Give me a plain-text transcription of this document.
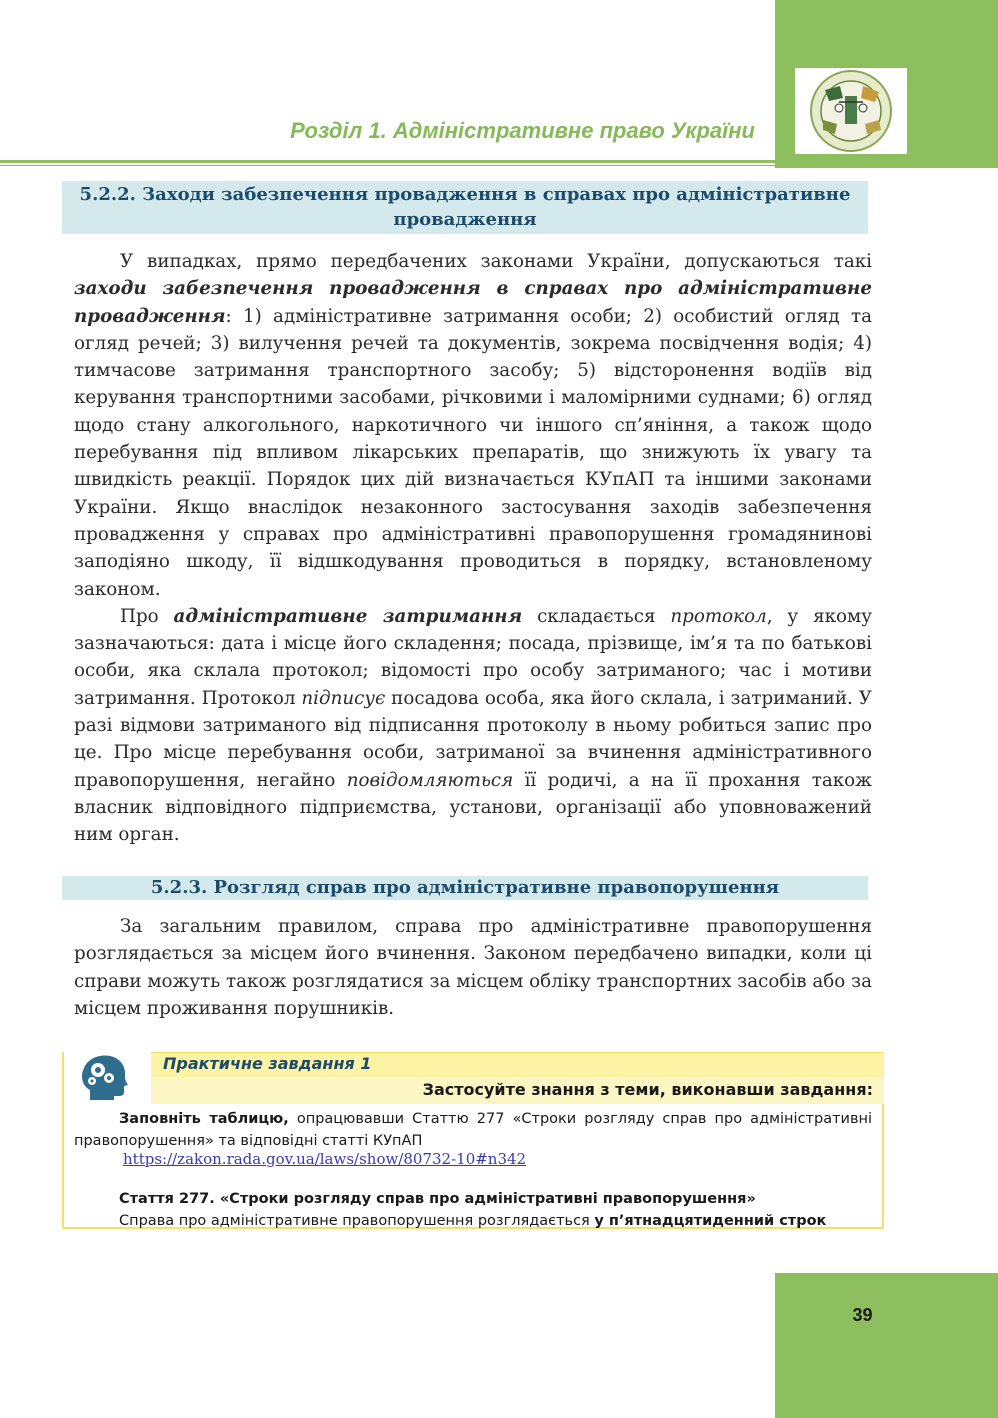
Розділ 1. Адміністративне право України
5.2.2. Заходи забезпечення провадження в справах про адміністративне провадження

У випадках, прямо передбачених законами України, допускаються такі заходи забезпечення провадження в справах про адміністративне провадження: 1) адміністративне затримання особи; 2) особистий огляд та огляд речей; 3) вилучення речей та документів, зокрема посвідчення водія; 4) тимчасове затримання транспортного засобу; 5) відсторонення водіїв від керування транспортними засобами, річковими і маломірними суднами; 6) огляд щодо стану алкогольного, наркотичного чи іншого сп’яніння, а також щодо перебування під впливом лікарських препаратів, що знижують їх увагу та швидкість реакції. Порядок цих дій визначається КУпАП та іншими законами України. Якщо внаслідок незаконного застосування заходів забезпечення провадження у справах про адміністративні правопорушення громадянинові заподіяно шкоду, її відшкодування проводиться в порядку, встановленому законом.

Про адміністративне затримання складається протокол, у якому зазначаються: дата і місце його складення; посада, прізвище, ім’я та по батькові особи, яка склала протокол; відомості про особу затриманого; час і мотиви затримання. Протокол підписує посадова особа, яка його склала, і затриманий. У разі відмови затриманого від підписання протоколу в ньому робиться запис про це. Про місце перебування особи, затриманої за вчинення адміністративного правопорушення, негайно повідомляються її родичі, а на її прохання також власник відповідного підприємства, установи, організації або уповноважений ним орган.

5.2.3. Розгляд справ про адміністративне правопорушення

За загальним правилом, справа про адміністративне правопорушення розглядається за місцем його вчинення. Законом передбачено випадки, коли ці справи можуть також розглядатися за місцем обліку транспортних засобів або за місцем проживання порушників.

Практичне завдання 1
Застосуйте знання з теми, виконавши завдання:
Заповніть таблицю, опрацювавши Статтю 277 «Строки розгляду справ про адміністративні правопорушення» та відповідні статті КУпАП
https://zakon.rada.gov.ua/laws/show/80732-10#n342
Стаття 277. «Строки розгляду справ про адміністративні правопорушення»
Справа про адміністративне правопорушення розглядається у п’ятнадцятиденний строк
39
